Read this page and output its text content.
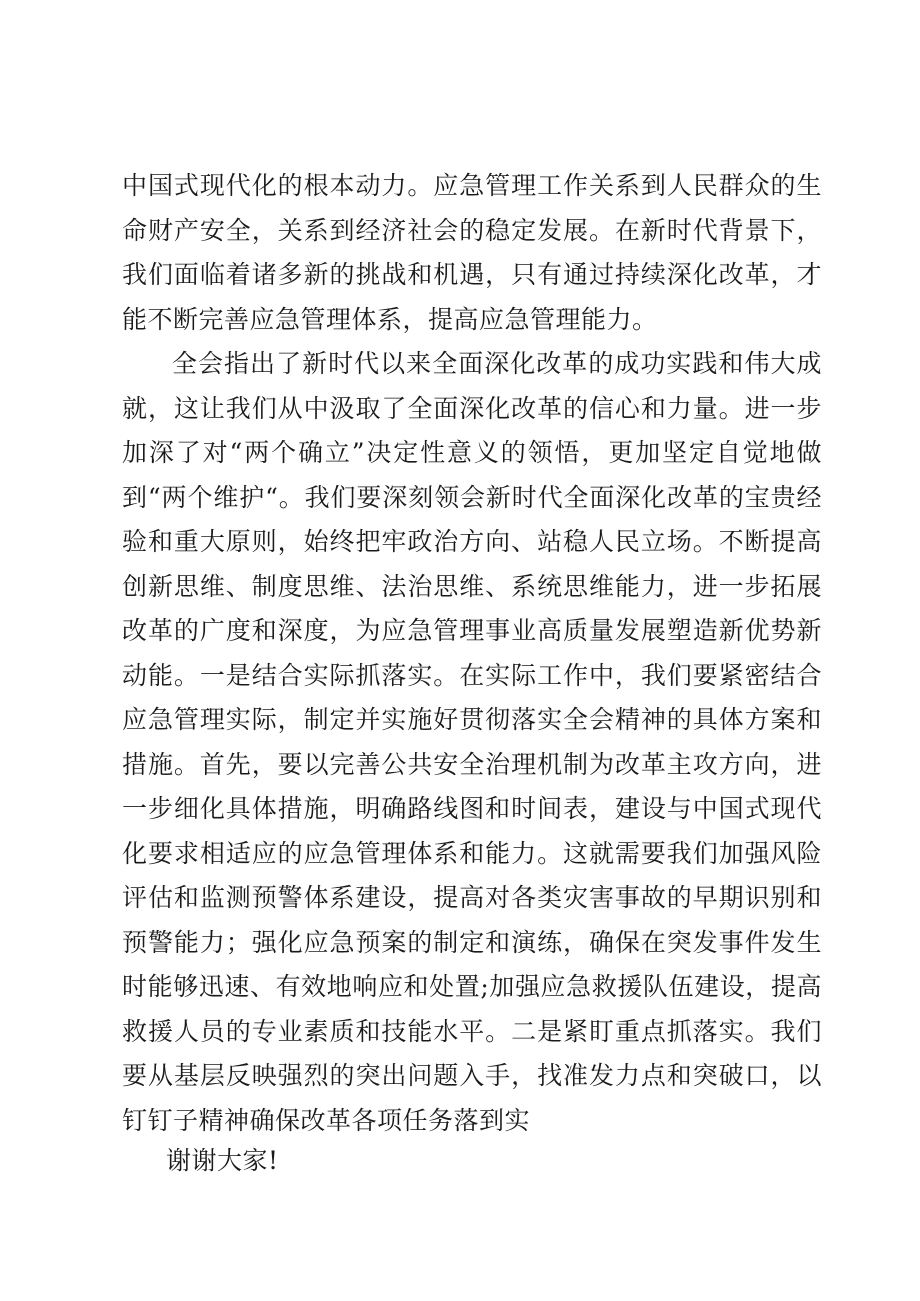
中国式现代化的根本动力。应急管理工作关系到人民群众的生命财产安全，关系到经济社会的稳定发展。在新时代背景下，我们面临着诸多新的挑战和机遇，只有通过持续深化改革，才能不断完善应急管理体系，提高应急管理能力。

全会指出了新时代以来全面深化改革的成功实践和伟大成就，这让我们从中汲取了全面深化改革的信心和力量。进一步加深了对“两个确立”决定性意义的领悟，更加坚定自觉地做到“两个维护“。我们要深刻领会新时代全面深化改革的宝贵经验和重大原则，始终把牢政治方向、站稳人民立场。不断提高创新思维、制度思维、法治思维、系统思维能力，进一步拓展改革的广度和深度，为应急管理事业高质量发展塑造新优势新动能。一是结合实际抓落实。在实际工作中，我们要紧密结合应急管理实际，制定并实施好贯彻落实全会精神的具体方案和措施。首先，要以完善公共安全治理机制为改革主攻方向，进一步细化具体措施，明确路线图和时间表，建设与中国式现代化要求相适应的应急管理体系和能力。这就需要我们加强风险评估和监测预警体系建设，提高对各类灾害事故的早期识别和预警能力；强化应急预案的制定和演练，确保在突发事件发生时能够迅速、有效地响应和处置;加强应急救援队伍建设，提高救援人员的专业素质和技能水平。二是紧盯重点抓落实。我们要从基层反映强烈的突出问题入手，找准发力点和突破口，以钉钉子精神确保改革各项任务落到实

谢谢大家!
